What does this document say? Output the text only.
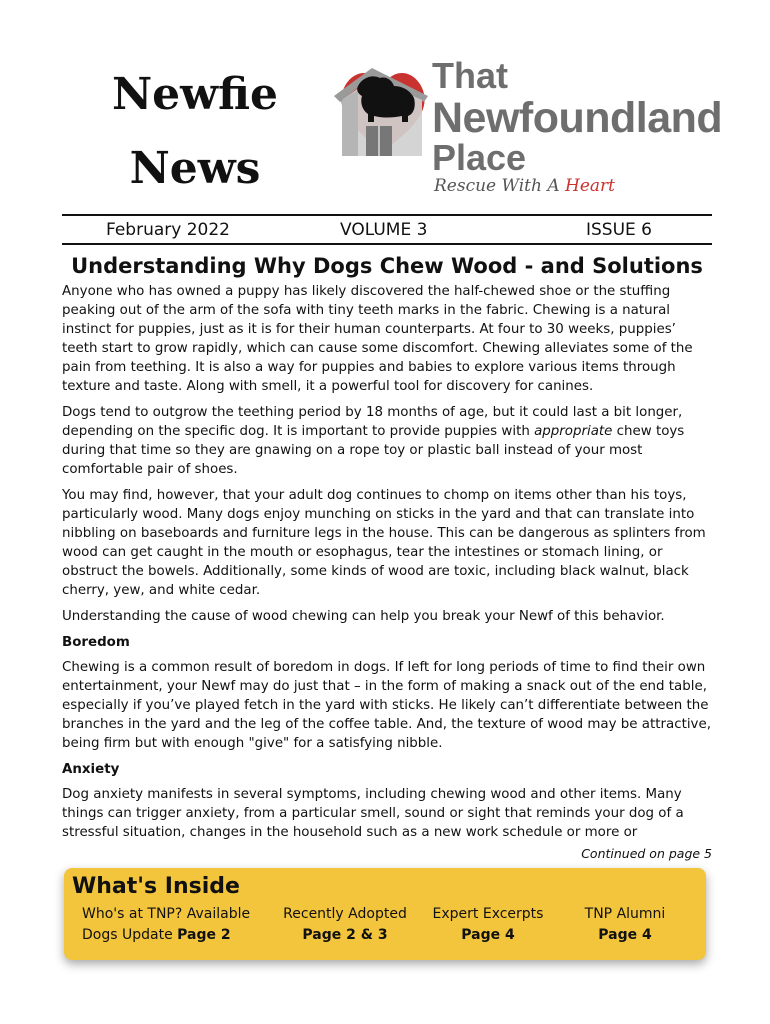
Newfie
News
That
Newfoundland
Place
Rescue With A Heart
February 2022	VOLUME 3	ISSUE 6
Understanding Why Dogs Chew Wood - and Solutions

Anyone who has owned a puppy has likely discovered the half-chewed shoe or the stuffing peaking out of the arm of the sofa with tiny teeth marks in the fabric. Chewing is a natural instinct for puppies, just as it is for their human counterparts. At four to 30 weeks, puppies’ teeth start to grow rapidly, which can cause some discomfort. Chewing alleviates some of the pain from teething. It is also a way for puppies and babies to explore various items through texture and taste. Along with smell, it a powerful tool for discovery for canines.

Dogs tend to outgrow the teething period by 18 months of age, but it could last a bit longer, depending on the specific dog. It is important to provide puppies with appropriate chew toys during that time so they are gnawing on a rope toy or plastic ball instead of your most comfortable pair of shoes.

You may find, however, that your adult dog continues to chomp on items other than his toys, particularly wood. Many dogs enjoy munching on sticks in the yard and that can translate into nibbling on baseboards and furniture legs in the house. This can be dangerous as splinters from wood can get caught in the mouth or esophagus, tear the intestines or stomach lining, or obstruct the bowels. Additionally, some kinds of wood are toxic, including black walnut, black cherry, yew, and white cedar.

Understanding the cause of wood chewing can help you break your Newf of this behavior.

Boredom

Chewing is a common result of boredom in dogs. If left for long periods of time to find their own entertainment, your Newf may do just that – in the form of making a snack out of the end table, especially if you’ve played fetch in the yard with sticks. He likely can’t differentiate between the branches in the yard and the leg of the coffee table. And, the texture of wood may be attractive, being firm but with enough "give" for a satisfying nibble.

Anxiety

Dog anxiety manifests in several symptoms, including chewing wood and other items. Many things can trigger anxiety, from a particular smell, sound or sight that reminds your dog of a stressful situation, changes in the household such as a new work schedule or more or

Continued on page 5
What's Inside
Who's at TNP? Available
Dogs Update Page 2
Recently Adopted
Page 2 & 3
Expert Excerpts
Page 4
TNP Alumni
Page 4
